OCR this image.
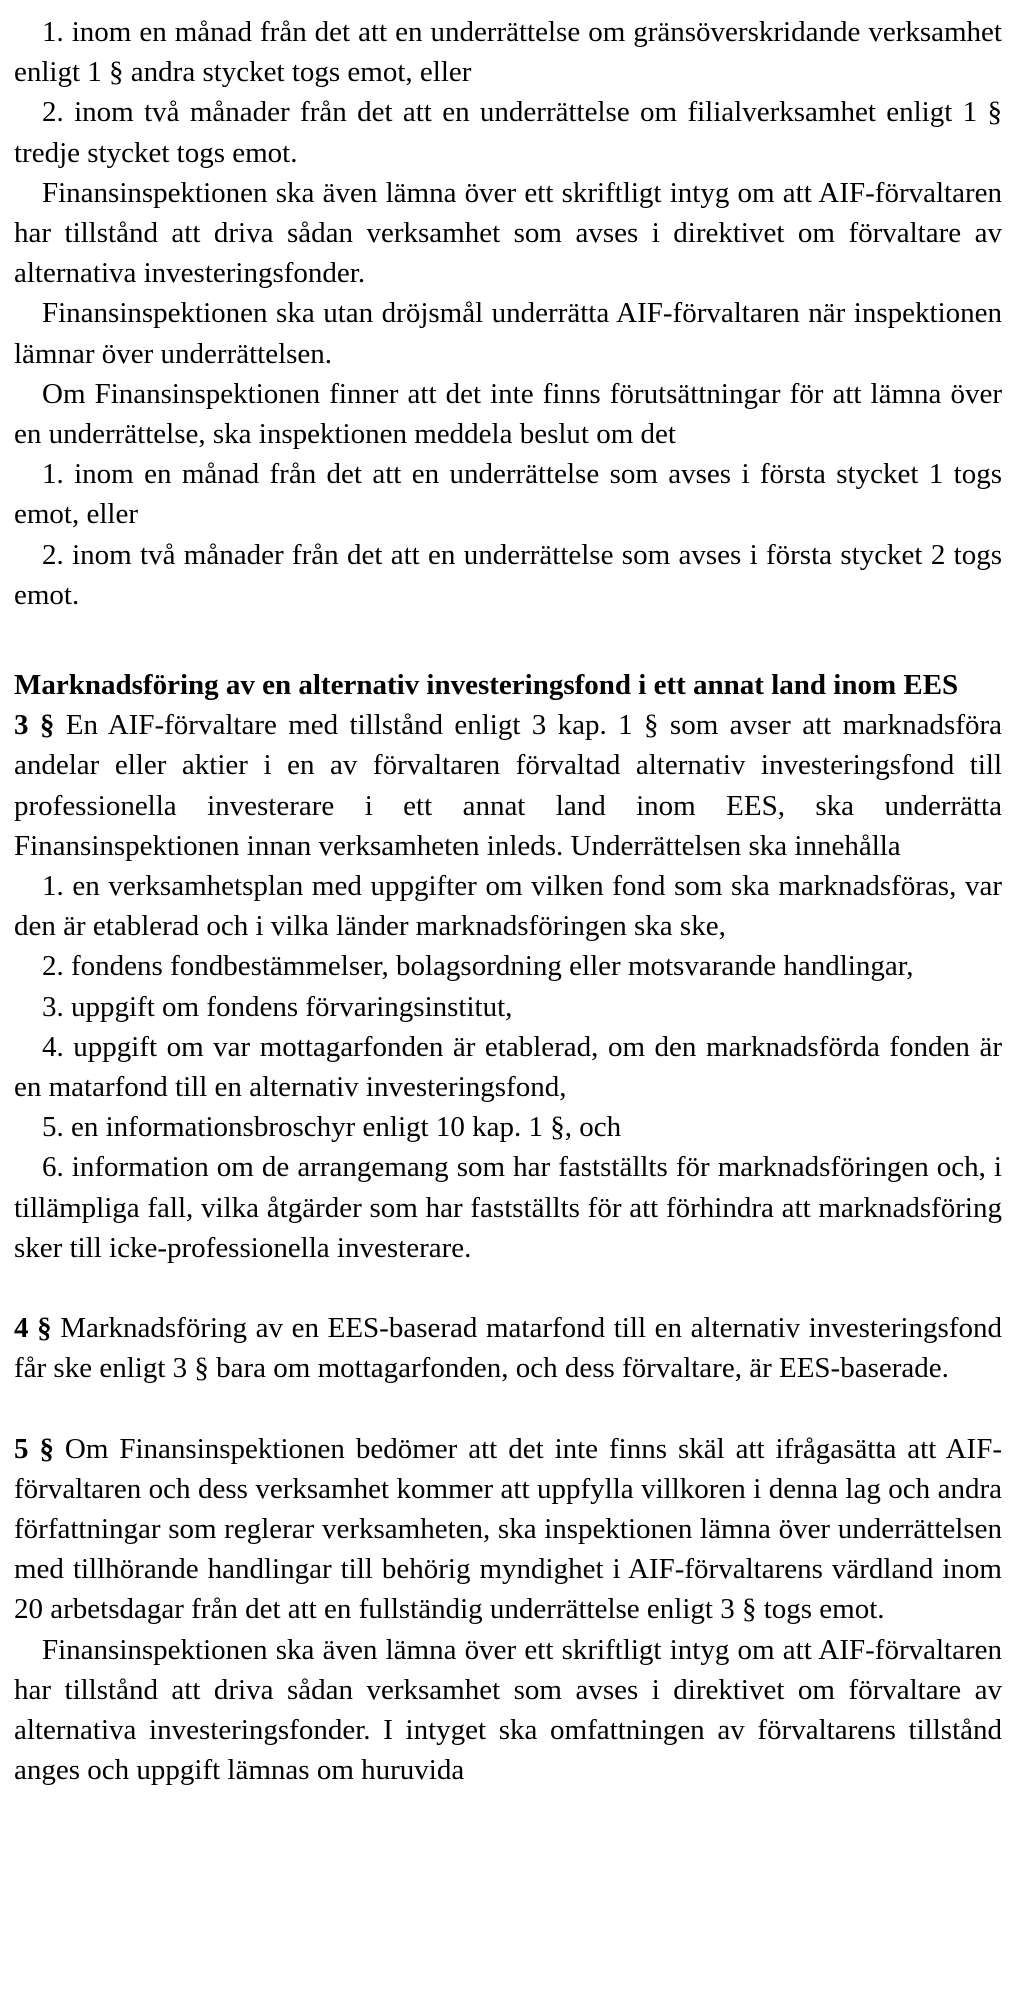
1. inom en månad från det att en underrättelse om gränsöverskridande verksamhet enligt 1 § andra stycket togs emot, eller

2. inom två månader från det att en underrättelse om filialverksamhet enligt 1 § tredje stycket togs emot.

Finansinspektionen ska även lämna över ett skriftligt intyg om att AIF-förvaltaren har tillstånd att driva sådan verksamhet som avses i direktivet om förvaltare av alternativa investeringsfonder.

Finansinspektionen ska utan dröjsmål underrätta AIF-förvaltaren när inspektionen lämnar över underrättelsen.

Om Finansinspektionen finner att det inte finns förutsättningar för att lämna över en underrättelse, ska inspektionen meddela beslut om det

1. inom en månad från det att en underrättelse som avses i första stycket 1 togs emot, eller

2. inom två månader från det att en underrättelse som avses i första stycket 2 togs emot.

Marknadsföring av en alternativ investeringsfond i ett annat land inom EES

3 § En AIF-förvaltare med tillstånd enligt 3 kap. 1 § som avser att marknadsföra andelar eller aktier i en av förvaltaren förvaltad alternativ investeringsfond till professionella investerare i ett annat land inom EES, ska underrätta Finansinspektionen innan verksamheten inleds. Underrättelsen ska innehålla

1. en verksamhetsplan med uppgifter om vilken fond som ska marknadsföras, var den är etablerad och i vilka länder marknadsföringen ska ske,

2. fondens fondbestämmelser, bolagsordning eller motsvarande handlingar,

3. uppgift om fondens förvaringsinstitut,

4. uppgift om var mottagarfonden är etablerad, om den marknadsförda fonden är en matarfond till en alternativ investeringsfond,

5. en informationsbroschyr enligt 10 kap. 1 §, och

6. information om de arrangemang som har fastställts för marknadsföringen och, i tillämpliga fall, vilka åtgärder som har fastställts för att förhindra att marknadsföring sker till icke-professionella investerare.

4 § Marknadsföring av en EES-baserad matarfond till en alternativ investeringsfond får ske enligt 3 § bara om mottagarfonden, och dess förvaltare, är EES-baserade.

5 § Om Finansinspektionen bedömer att det inte finns skäl att ifrågasätta att AIF-förvaltaren och dess verksamhet kommer att uppfylla villkoren i denna lag och andra författningar som reglerar verksamheten, ska inspektionen lämna över underrättelsen med tillhörande handlingar till behörig myndighet i AIF-förvaltarens värdland inom 20 arbetsdagar från det att en fullständig underrättelse enligt 3 § togs emot.

Finansinspektionen ska även lämna över ett skriftligt intyg om att AIF-förvaltaren har tillstånd att driva sådan verksamhet som avses i direktivet om förvaltare av alternativa investeringsfonder. I intyget ska omfattningen av förvaltarens tillstånd anges och uppgift lämnas om huruvida
